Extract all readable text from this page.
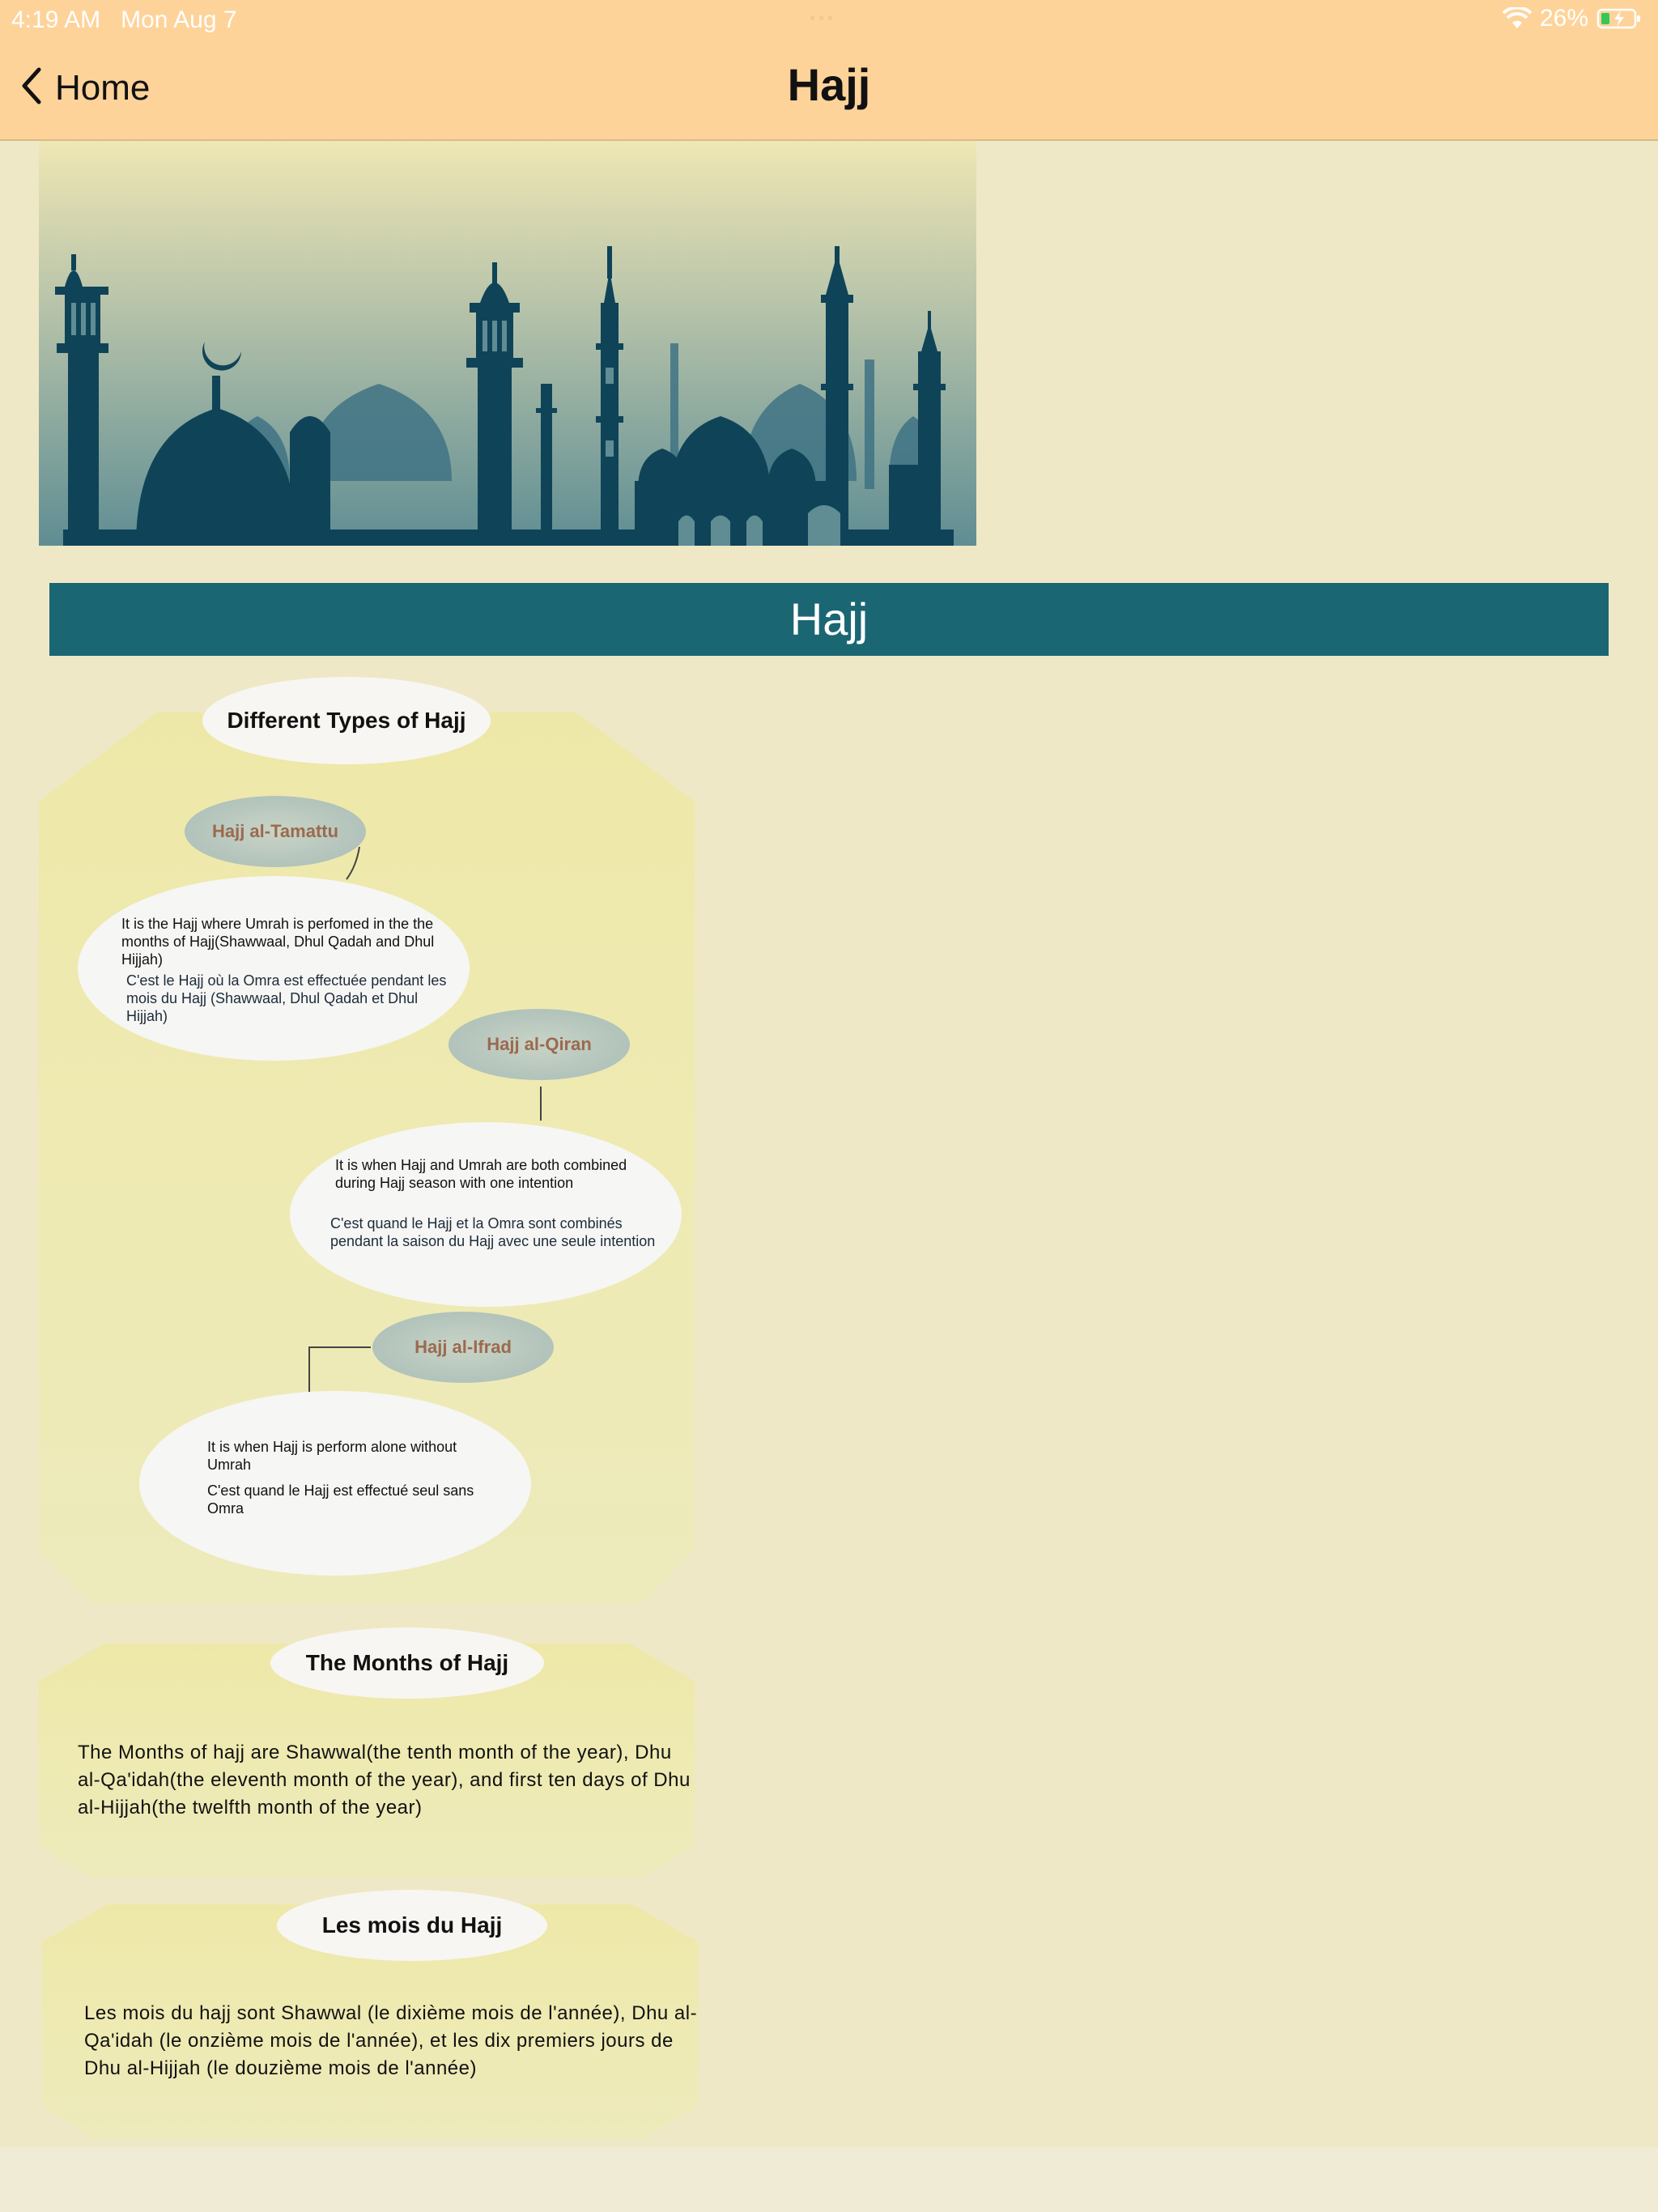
4:19 AM Mon Aug 7	•••	26%
Home	Hajj
Hajj
Different Types of Hajj
Hajj al-Tamattu
It is the Hajj where Umrah is perfomed in the the months of Hajj(Shawwaal, Dhul Qadah and Dhul Hijjah)
C'est le Hajj où la Omra est effectuée pendant les mois du Hajj (Shawwaal, Dhul Qadah et Dhul Hijjah)
Hajj al-Qiran
It is when Hajj and Umrah are both combined during Hajj season with one intention
C'est quand le Hajj et la Omra sont combinés pendant la saison du Hajj avec une seule intention
Hajj al-Ifrad
It is when Hajj is perform alone without Umrah
C'est quand le Hajj est effectué seul sans Omra
The Months of Hajj
The Months of hajj are Shawwal(the tenth month of the year), Dhu al-Qa'idah(the eleventh month of the year), and first ten days of Dhu al-Hijjah(the twelfth month of the year)
Les mois du Hajj
Les mois du hajj sont Shawwal (le dixième mois de l'année), Dhu al-Qa'idah (le onzième mois de l'année), et les dix premiers jours de Dhu al-Hijjah (le douzième mois de l'année)
